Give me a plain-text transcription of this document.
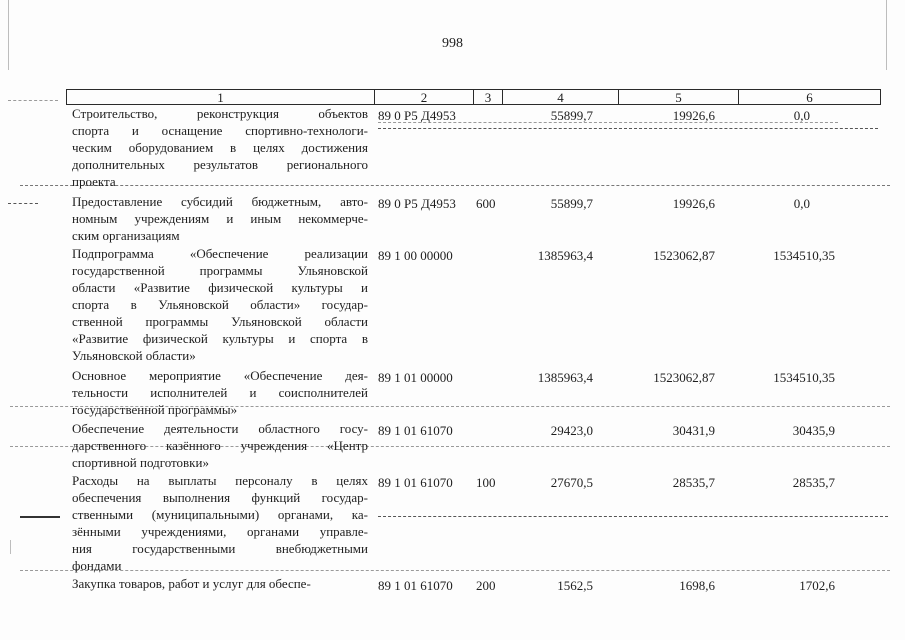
998
1	2	3	4	5	6
Строительство, реконструкция объектов
спорта и оснащение спортивно-технологи-
ческим оборудованием в целях достижения
дополнительных результатов регионального
проекта
89 0 P5 Д4953	55899,7	19926,6	0,0
Предоставление субсидий бюджетным, авто-
номным учреждениям и иным некоммерче-
ским организациям
89 0 P5 Д4953 600	55899,7	19926,6	0,0
Подпрограмма «Обеспечение реализации
государственной программы Ульяновской
области «Развитие физической культуры и
спорта в Ульяновской области» государ-
ственной программы Ульяновской области
«Развитие физической культуры и спорта в
Ульяновской области»
89 1 00 00000	1385963,4	1523062,87	1534510,35
Основное мероприятие «Обеспечение дея-
тельности исполнителей и соисполнителей
государственной программы»
89 1 01 00000	1385963,4	1523062,87	1534510,35
Обеспечение деятельности областного госу-
дарственного казённого учреждения «Центр
спортивной подготовки»
89 1 01 61070	29423,0	30431,9	30435,9
Расходы на выплаты персоналу в целях
обеспечения выполнения функций государ-
ственными (муниципальными) органами, ка-
зёнными учреждениями, органами управле-
ния государственными внебюджетными
фондами
89 1 01 61070 100	27670,5	28535,7	28535,7
Закупка товаров, работ и услуг для обеспе-	89 1 01 61070 200	1562,5	1698,6	1702,6
